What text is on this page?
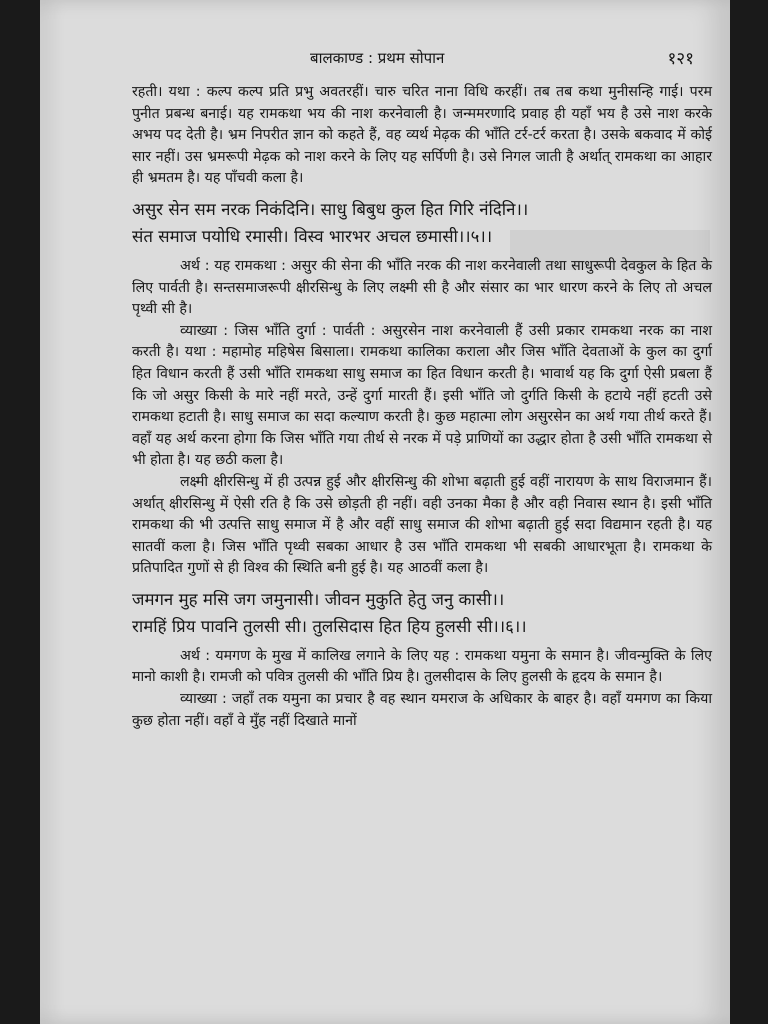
बालकाण्ड : प्रथम सोपान	१२१

रहती। यथा : कल्प कल्प प्रति प्रभु अवतरहीं। चारु चरित नाना विधि करहीं। तब तब कथा मुनीसन्हि गाई। परम पुनीत प्रबन्ध बनाई। यह रामकथा भय की नाश करनेवाली है। जन्ममरणादि प्रवाह ही यहाँ भय है उसे नाश करके अभय पद देती है। भ्रम निपरीत ज्ञान को कहते हैं, वह व्यर्थ मेढ़क की भाँति टर्र-टर्र करता है। उसके बकवाद में कोई सार नहीं। उस भ्रमरूपी मेढ़क को नाश करने के लिए यह सर्पिणी है। उसे निगल जाती है अर्थात् रामकथा का आहार ही भ्रमतम है। यह पाँचवी कला है।

असुर सेन सम नरक निकंदिनि। साधु बिबुध कुल हित गिरि नंदिनि।।
संत समाज पयोधि रमासी। विस्व भारभर अचल छमासी।।५।।

अर्थ : यह रामकथा : असुर की सेना की भाँति नरक की नाश करनेवाली तथा साधुरूपी देवकुल के हित के लिए पार्वती है। सन्तसमाजरूपी क्षीरसिन्धु के लिए लक्ष्मी सी है और संसार का भार धारण करने के लिए तो अचल पृथ्वी सी है।

व्याख्या : जिस भाँति दुर्गा : पार्वती : असुरसेन नाश करनेवाली हैं उसी प्रकार रामकथा नरक का नाश करती है। यथा : महामोह महिषेस बिसाला। रामकथा कालिका कराला और जिस भाँति देवताओं के कुल का दुर्गा हित विधान करती हैं उसी भाँति रामकथा साधु समाज का हित विधान करती है। भावार्थ यह कि दुर्गा ऐसी प्रबला हैं कि जो असुर किसी के मारे नहीं मरते, उन्हें दुर्गा मारती हैं। इसी भाँति जो दुर्गति किसी के हटाये नहीं हटती उसे रामकथा हटाती है। साधु समाज का सदा कल्याण करती है। कुछ महात्मा लोग असुरसेन का अर्थ गया तीर्थ करते हैं। वहाँ यह अर्थ करना होगा कि जिस भाँति गया तीर्थ से नरक में पड़े प्राणियों का उद्धार होता है उसी भाँति रामकथा से भी होता है। यह छठी कला है।

लक्ष्मी क्षीरसिन्धु में ही उत्पन्न हुई और क्षीरसिन्धु की शोभा बढ़ाती हुई वहीं नारायण के साथ विराजमान हैं। अर्थात् क्षीरसिन्धु में ऐसी रति है कि उसे छोड़ती ही नहीं। वही उनका मैका है और वही निवास स्थान है। इसी भाँति रामकथा की भी उत्पत्ति साधु समाज में है और वहीं साधु समाज की शोभा बढ़ाती हुई सदा विद्यमान रहती है। यह सातवीं कला है। जिस भाँति पृथ्वी सबका आधार है उस भाँति रामकथा भी सबकी आधारभूता है। रामकथा के प्रतिपादित गुणों से ही विश्व की स्थिति बनी हुई है। यह आठवीं कला है।

जमगन मुह मसि जग जमुनासी। जीवन मुकुति हेतु जनु कासी।।
रामहिं प्रिय पावनि तुलसी सी। तुलसिदास हित हिय हुलसी सी।।६।।

अर्थ : यमगण के मुख में कालिख लगाने के लिए यह : रामकथा यमुना के समान है। जीवन्मुक्ति के लिए मानो काशी है। रामजी को पवित्र तुलसी की भाँति प्रिय है। तुलसीदास के लिए हुलसी के हृदय के समान है।

व्याख्या : जहाँ तक यमुना का प्रचार है वह स्थान यमराज के अधिकार के बाहर है। वहाँ यमगण का किया कुछ होता नहीं। वहाँ वे मुँह नहीं दिखाते मानों
